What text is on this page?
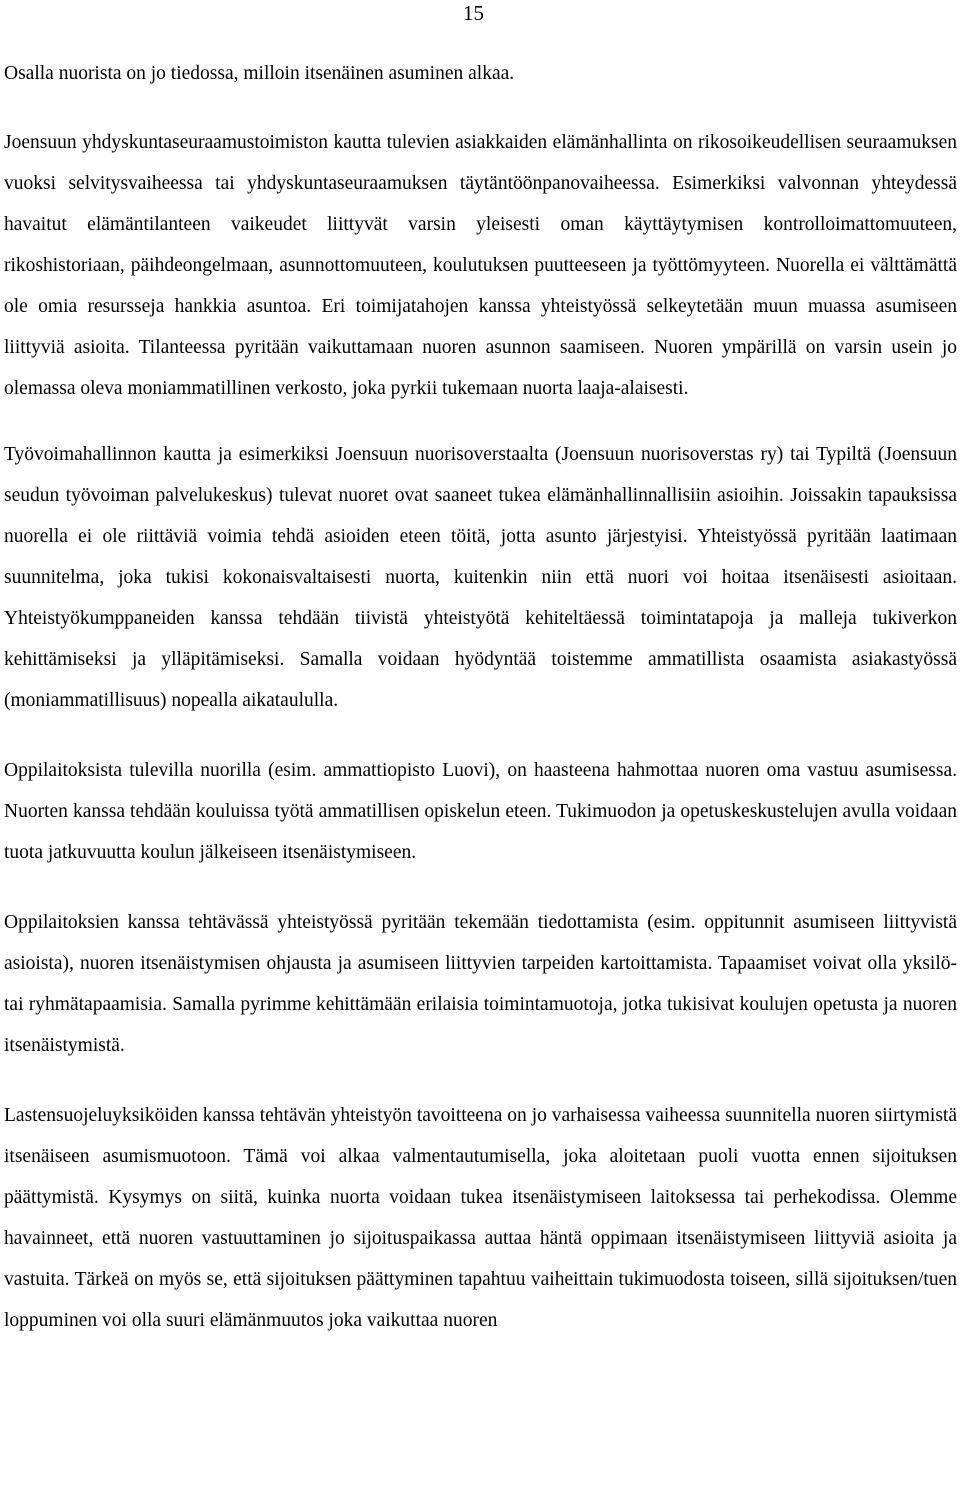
15

Osalla nuorista on jo tiedossa, milloin itsenäinen asuminen alkaa.

Joensuun yhdyskuntaseuraamustoimiston kautta tulevien asiakkaiden elämänhallinta on rikosoikeudellisen seuraamuksen vuoksi selvitysvaiheessa tai yhdyskuntaseuraamuksen täytäntöönpanovaiheessa. Esimerkiksi valvonnan yhteydessä havaitut elämäntilanteen vaikeudet liittyvät varsin yleisesti oman käyttäytymisen kontrolloimattomuuteen, rikoshistoriaan, päihdeongelmaan, asunnottomuuteen, koulutuksen puutteeseen ja työttömyyteen. Nuorella ei välttämättä ole omia resursseja hankkia asuntoa. Eri toimijatahojen kanssa yhteistyössä selkeytetään muun muassa asumiseen liittyviä asioita. Tilanteessa pyritään vaikuttamaan nuoren asunnon saamiseen. Nuoren ympärillä on varsin usein jo olemassa oleva moniammatillinen verkosto, joka pyrkii tukemaan nuorta laaja-alaisesti.

Työvoimahallinnon kautta ja esimerkiksi Joensuun nuorisoverstaalta (Joensuun nuorisoverstas ry) tai Typiltä (Joensuun seudun työvoiman palvelukeskus) tulevat nuoret ovat saaneet tukea elämänhallinnallisiin asioihin. Joissakin tapauksissa nuorella ei ole riittäviä voimia tehdä asioiden eteen töitä, jotta asunto järjestyisi. Yhteistyössä pyritään laatimaan suunnitelma, joka tukisi kokonaisvaltaisesti nuorta, kuitenkin niin että nuori voi hoitaa itsenäisesti asioitaan. Yhteistyökumppaneiden kanssa tehdään tiivistä yhteistyötä kehiteltäessä toimintatapoja ja malleja tukiverkon kehittämiseksi ja ylläpitämiseksi. Samalla voidaan hyödyntää toistemme ammatillista osaamista asiakastyössä (moniammatillisuus) nopealla aikataululla.

Oppilaitoksista tulevilla nuorilla (esim. ammattiopisto Luovi), on haasteena hahmottaa nuoren oma vastuu asumisessa. Nuorten kanssa tehdään kouluissa työtä ammatillisen opiskelun eteen. Tukimuodon ja opetuskeskustelujen avulla voidaan tuota jatkuvuutta koulun jälkeiseen itsenäistymiseen.

Oppilaitoksien kanssa tehtävässä yhteistyössä pyritään tekemään tiedottamista (esim. oppitunnit asumiseen liittyvistä asioista), nuoren itsenäistymisen ohjausta ja asumiseen liittyvien tarpeiden kartoittamista. Tapaamiset voivat olla yksilö- tai ryhmätapaamisia. Samalla pyrimme kehittämään erilaisia toimintamuotoja, jotka tukisivat koulujen opetusta ja nuoren itsenäistymistä.

Lastensuojeluyksiköiden kanssa tehtävän yhteistyön tavoitteena on jo varhaisessa vaiheessa suunnitella nuoren siirtymistä itsenäiseen asumismuotoon. Tämä voi alkaa valmentautumisella, joka aloitetaan puoli vuotta ennen sijoituksen päättymistä. Kysymys on siitä, kuinka nuorta voidaan tukea itsenäistymiseen laitoksessa tai perhekodissa. Olemme havainneet, että nuoren vastuuttaminen jo sijoituspaikassa auttaa häntä oppimaan itsenäistymiseen liittyviä asioita ja vastuita. Tärkeä on myös se, että sijoituksen päättyminen tapahtuu vaiheittain tukimuodosta toiseen, sillä sijoituksen/tuen loppuminen voi olla suuri elämänmuutos joka vaikuttaa nuoren
